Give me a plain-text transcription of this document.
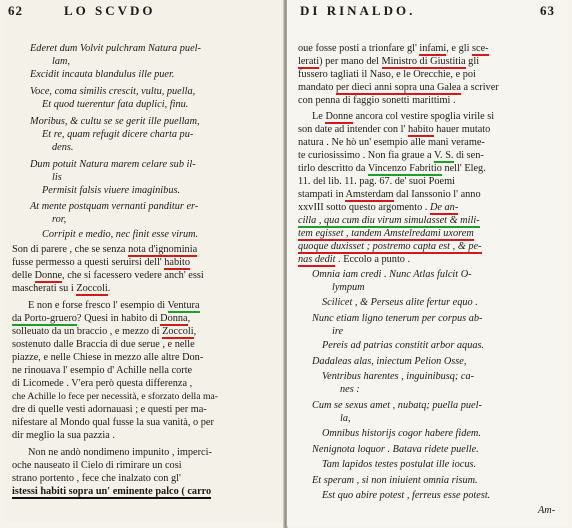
62	LO SCVDO
Ederet dum Volvit pulchram Natura puel-
lam,
Excidit incauta blandulus ille puer.
Voce, coma similis crescit, vultu, puella,
Et quod tuerentur fata duplici, finu.
Moribus, & cultu se se gerit ille puellam,
Et re, quam refugit dicere charta pu-
dens.
Dum potuit Natura marem celare sub il-
lis
Permisit falsis viuere imaginibus.
At mente postquam vernanti panditur er-
ror,
Corripit e medio, nec finit esse virum.
Son di parere , che se senza nota d'ignominia
fusse permesso a questi seruirsi dell' habito
delle Donne, che si facessero vedere anch' essi
mascherati su i Zoccoli.
E non e forse fresco l' esempio di Ventura
da Porto-gruero? Quesi in habito di Donna,
solleuato da un braccio , e mezzo di Zoccoli,
sostenuto dalle Braccia di due serue , e nelle
piazze, e nelle Chiese in mezzo alle altre Don-
ne rinouava l' esempio d' Achille nella corte
di Licomede . V'era però questa differenza ,
che Achille lo fece per necessità, e sforzato della ma-
dre di quelle vesti adornauasi ; e questi per ma-
nifestare al Mondo qual fusse la sua vanità, o per
dir meglio la sua pazzia .
Non ne andò nondimeno impunito , imperci-
oche nauseato il Cielo di rimirare un cosi
strano portento , fece che inalzato con gl'
istessi habiti sopra un' eminente palco ( carro
DI RINALDO.	63
oue fosse posti a trionfare gl' infami, e gli sce-
lerati) per mano del Ministro di Giustitia gli
fussero tagliati il Naso, e le Orecchie, e poi
mandato per dieci anni sopra una Galea a scriver
con penna di faggio sonetti marittimi .
Le Donne ancora col vestire spoglia virile si
son date ad intender con l' habito hauer mutato
natura . Ne hò un' esempio alle mani verame-
te curiosissimo . Non fia graue a V. S. di sen-
tirlo descritto da Vincenzo Fabritio nell' Eleg.
11. del lib. 11. pag. 67. de' suoi Poemi
stampati in Amsterdam dal Ianssonio l' anno
xxvIII sotto questo argomento . De an-
cilla , qua cum diu virum simulasset & mili-
tem egisset , tandem Amstelredami uxorem
quoque duxisset ; postremo capta est , & pe-
nas dedit . Eccolo a punto .
Omnia iam credi . Nunc Atlas fulcit O-
lympum
Scilicet , & Perseus alite fertur equo .
Nunc etiam ligno tenerum per corpus ab-
ire
Pereis ad patrias constitit arbor aquas.
Dadaleas alas, iniectum Pelion Osse,
Ventribus harentes , inguinibusq; ca-
nes :
Cum se sexus amet , nubatq; puella puel-
la,
Omnibus historijs cogor habere fidem.
Nenignota loquor . Batava ridete puelle.
Tam lapidos testes postulat ille iocus.
Et speram , si non iniuient omnia risum.
Est quo abire potest , ferreus esse potest.
Am-
